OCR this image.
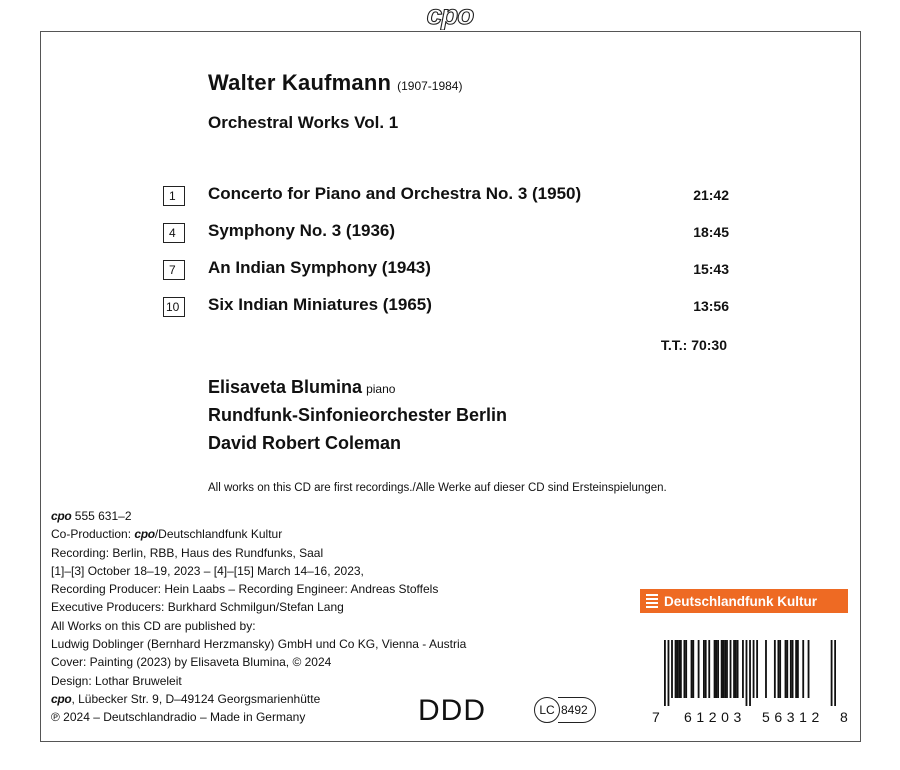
cpo
Walter Kaufmann (1907-1984)
Orchestral Works Vol. 1
1	Concerto for Piano and Orchestra No. 3 (1950)	21:42
4	Symphony No. 3 (1936)	18:45
7	An Indian Symphony (1943)	15:43
10	Six Indian Miniatures (1965)	13:56
T.T.: 70:30
Elisaveta Blumina piano
Rundfunk-Sinfonieorchester Berlin
David Robert Coleman
All works on this CD are first recordings./Alle Werke auf dieser CD sind Ersteinspielungen.
cpo 555 631–2
Co-Production: cpo/Deutschlandfunk Kultur
Recording: Berlin, RBB, Haus des Rundfunks, Saal
[1]–[3] October 18–19, 2023 – [4]–[15] March 14–16, 2023,
Recording Producer: Hein Laabs – Recording Engineer: Andreas Stoffels
Executive Producers: Burkhard Schmilgun/Stefan Lang
All Works on this CD are published by:
Ludwig Doblinger (Bernhard Herzmansky) GmbH und Co KG, Vienna - Austria
Cover: Painting (2023) by Elisaveta Blumina, © 2024
Design: Lothar Bruweleit
cpo, Lübecker Str. 9, D–49124 Georgsmarienhütte
℗ 2024 – Deutschlandradio – Made in Germany
Deutschlandfunk Kultur
DDD	LC 8492	7 61203 56312 8
